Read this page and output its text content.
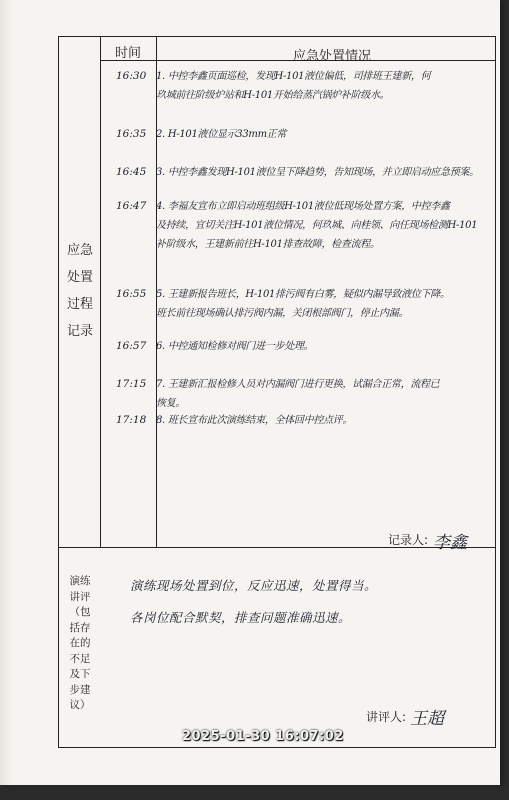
时间	应急处置情况
应急
处置
过程
记录
16:30 1. 中控李鑫页面巡检，发现H-101液位偏低，司排班王建新，何
玖城前往阶级炉站和H-101开始给蒸汽锅炉补阶级水。
16:35 2. H-101液位显示33mm正常
16:45 3. 中控李鑫发现H-101液位呈下降趋势，告知现场，并立即启动应急预案。
16:47 4. 李福友宣布立即启动班组级H-101液位低现场处置方案，中控李鑫
及持续，宜切关注H-101液位情况，何玖城、向桂领、向任现场检测H-101
补阶级水，王建新前往H-101排查故障，检查流程。
16:55 5. 王建新报告班长，H-101排污阀有白雾，疑似内漏导致液位下降。
班长前往现场确认排污阀内漏，关闭根部阀门，停止内漏。
16:57 6. 中控通知检修对阀门进一步处理。
17:15 7. 王建新汇报检修人员对内漏阀门进行更换，试漏合正常，流程已
恢复。
17:18 8. 班长宣布此次演练结束，全体回中控点评。
记录人: 李鑫
演练
讲评
（包
括存
在的
不足
及下
步建
议）
演练现场处置到位，反应迅速，处置得当。
各岗位配合默契，排查问题准确迅速。
讲评人: 王超
2025-01-30 16:07:02
